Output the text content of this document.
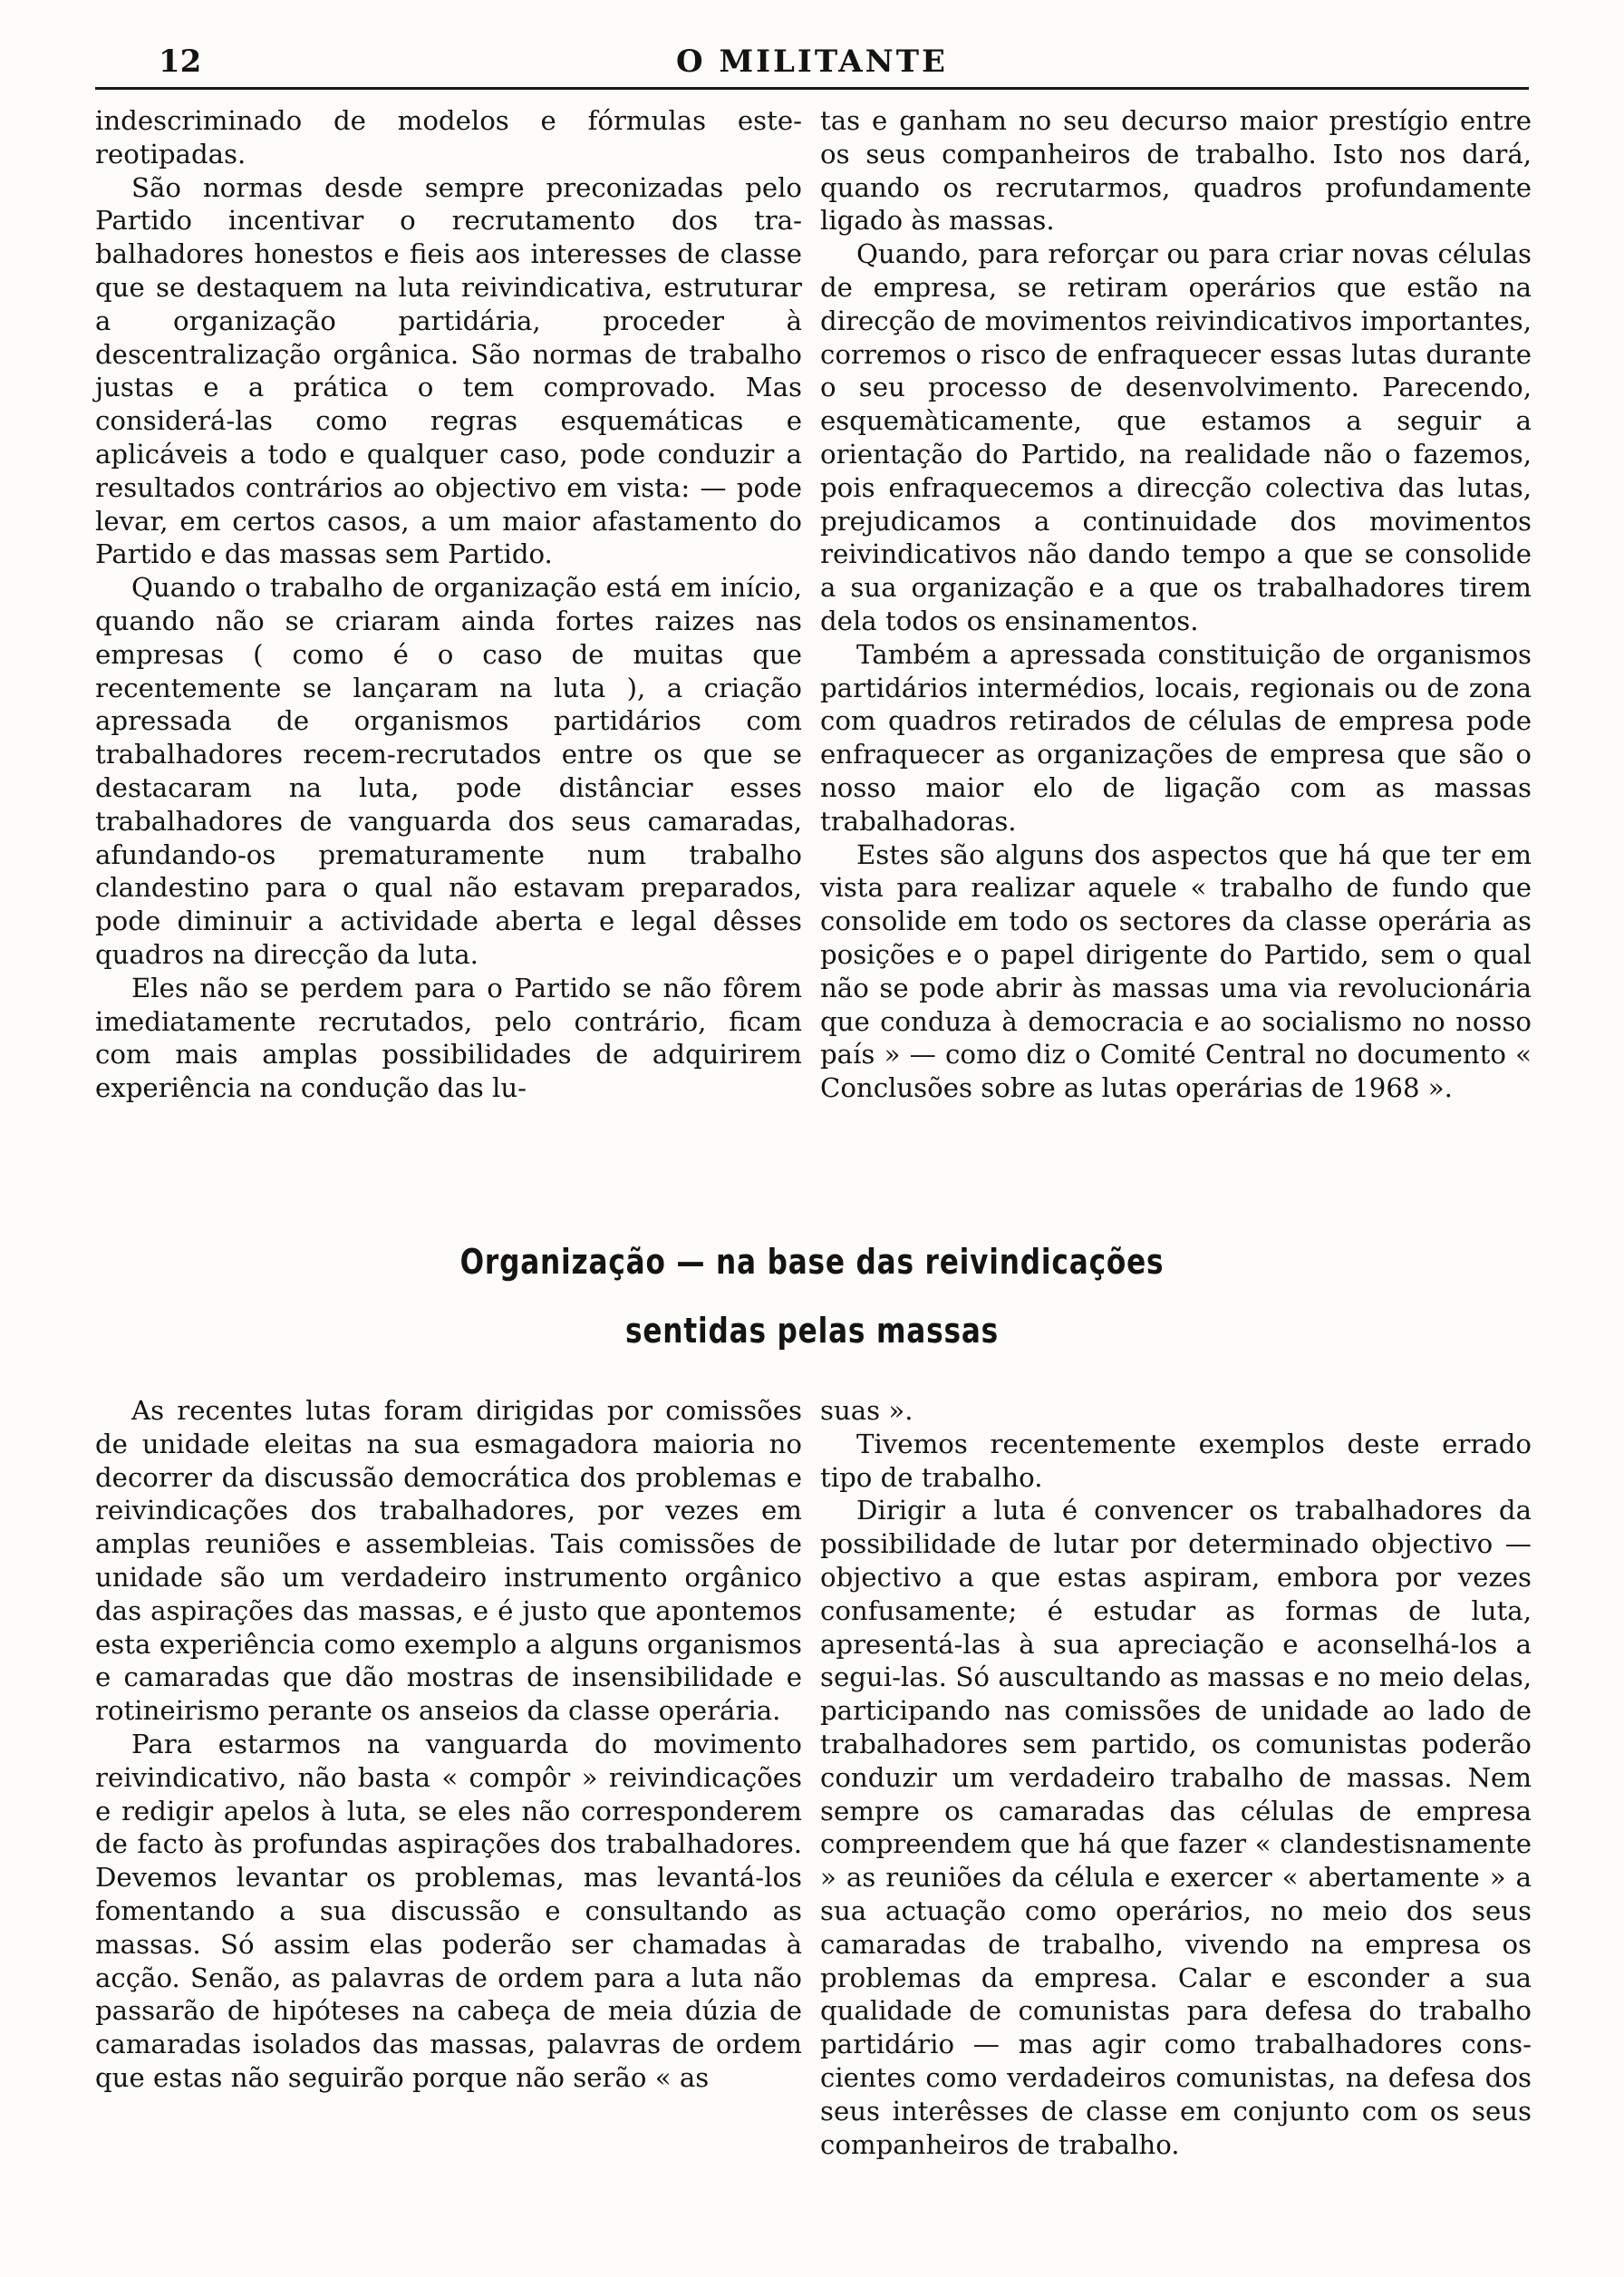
12	O MILITANTE

indescriminado de modelos e fórmulas estereotipadas.

São normas desde sempre preconizadas pelo Partido incentivar o recrutamento dos trabalhadores honestos e fieis aos interesses de classe que se destaquem na luta reivindicativa, estruturar a organização partidária, proceder à descentralização orgânica. São normas de trabalho justas e a prática o tem comprovado. Mas considerá-las como regras esquemáticas e aplicáveis a todo e qualquer caso, pode conduzir a resultados contrários ao objectivo em vista: — pode levar, em certos casos, a um maior afastamento do Partido e das massas sem Partido.

Quando o trabalho de organização está em início, quando não se criaram ainda fortes raizes nas empresas ( como é o caso de muitas que recentemente se lançaram na luta ), a criação apressada de organismos partidários com trabalhadores recem-recrutados entre os que se destacaram na luta, pode distânciar esses trabalhadores de vanguarda dos seus camaradas, afundando-os prematuramente num trabalho clandestino para o qual não estavam preparados, pode diminuir a actividade aberta e legal dêsses quadros na direcção da luta.

Eles não se perdem para o Partido se não fôrem imediatamente recrutados, pelo contrário, ficam com mais amplas possibilidades de adquirirem experiência na condução das lu-

tas e ganham no seu decurso maior prestígio entre os seus companheiros de trabalho. Isto nos dará, quando os recrutarmos, quadros profundamente ligado às massas.

Quando, para reforçar ou para criar novas células de empresa, se retiram operários que estão na direcção de movimentos reivindicativos importantes, corremos o risco de enfraquecer essas lutas durante o seu processo de desenvolvimento. Parecendo, esquemàticamente, que estamos a seguir a orientação do Partido, na realidade não o fazemos, pois enfraquecemos a direcção colectiva das lutas, prejudicamos a continuidade dos movimentos reivindicativos não dando tempo a que se consolide a sua organização e a que os trabalhadores tirem dela todos os ensinamentos.

Também a apressada constituição de organismos partidários intermédios, locais, regionais ou de zona com quadros retirados de células de empresa pode enfraquecer as organizações de empresa que são o nosso maior elo de ligação com as massas trabalhadoras.

Estes são alguns dos aspectos que há que ter em vista para realizar aquele « trabalho de fundo que consolide em todo os sectores da classe operária as posições e o papel dirigente do Partido, sem o qual não se pode abrir às massas uma via revolucionária que conduza à democracia e ao socialismo no nosso país » — como diz o Comité Central no documento « Conclusões sobre as lutas operárias de 1968 ».

Organização — na base das reivindicações
sentidas pelas massas

As recentes lutas foram dirigidas por comissões de unidade eleitas na sua esmagadora maioria no decorrer da discussão democrática dos problemas e reivindicações dos trabalhadores, por vezes em amplas reuniões e assembleias. Tais comissões de unidade são um verdadeiro instrumento orgânico das aspirações das massas, e é justo que apontemos esta experiência como exemplo a alguns organismos e camaradas que dão mostras de insensibilidade e rotineirismo perante os anseios da classe operária.

Para estarmos na vanguarda do movimento reivindicativo, não basta « compôr » reivindicações e redigir apelos à luta, se eles não corresponderem de facto às profundas aspirações dos trabalhadores. Devemos levantar os problemas, mas levantá-los fomentando a sua discussão e consultando as massas. Só assim elas poderão ser chamadas à acção. Senão, as palavras de ordem para a luta não passarão de hipóteses na cabeça de meia dúzia de camaradas isolados das massas, palavras de ordem que estas não seguirão porque não serão « as

suas ».

Tivemos recentemente exemplos deste errado tipo de trabalho.

Dirigir a luta é convencer os trabalhadores da possibilidade de lutar por determinado objectivo — objectivo a que estas aspiram, embora por vezes confusamente; é estudar as formas de luta, apresentá-las à sua apreciação e aconselhá-los a segui-las. Só auscultando as massas e no meio delas, participando nas comissões de unidade ao lado de trabalhadores sem partido, os comunistas poderão conduzir um verdadeiro trabalho de massas. Nem sempre os camaradas das células de empresa compreendem que há que fazer « clandestisnamente » as reuniões da célula e exercer « abertamente » a sua actuação como operários, no meio dos seus camaradas de trabalho, vivendo na empresa os problemas da empresa. Calar e esconder a sua qualidade de comunistas para defesa do trabalho partidário — mas agir como trabalhadores conscientes como verdadeiros comunistas, na defesa dos seus interêsses de classe em conjunto com os seus companheiros de trabalho.
